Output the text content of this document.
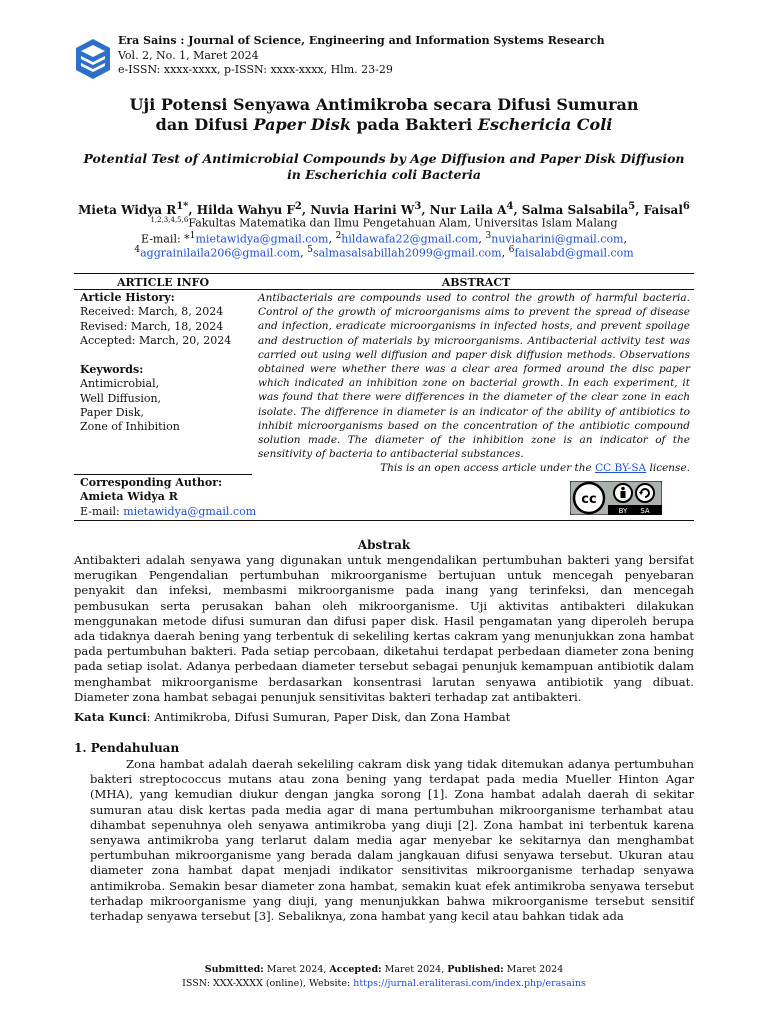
Era Sains : Journal of Science, Engineering and Information Systems Research
Vol. 2, No. 1, Maret 2024
e-ISSN: xxxx-xxxx, p-ISSN: xxxx-xxxx, Hlm. 23-29
Uji Potensi Senyawa Antimikroba secara Difusi Sumuran
dan Difusi Paper Disk pada Bakteri Eschericia Coli
Potential Test of Antimicrobial Compounds by Age Diffusion and Paper Disk Diffusion
in Escherichia coli Bacteria
Mieta Widya $R^{1*}$, Hilda Wahyu $F^2$, Nuvia Harini $W^3$, Nur Laila $A^4$, Salma Salsabila$^5$, Faisal$^6$
$^{1,2,3,4,5,6}$Fakultas Matematika dan Ilmu Pengetahuan Alam, Universitas Islam Malang
E-mail: *$^1$mietawidya@gmail.com, $^2$hildawafa22@gmail.com, $^3$nuviaharini@gmail.com,
$^4$aggrainilaila206@gmail.com, $^5$salmasalsabillah2099@gmail.com, $^6$faisalabd@gmail.com
ARTICLE INFO	ABSTRACT
Article History:
Received: March, 8, 2024
Revised: March, 18, 2024
Accepted: March, 20, 2024
Keywords:
Antimicrobial,
Well Diffusion,
Paper Disk,
Zone of Inhibition
Corresponding Author:
Amieta Widya R
E-mail: mietawidya@gmail.com
Antibacterials are compounds used to control the growth of harmful bacteria. Control of the growth of microorganisms aims to prevent the spread of disease and infection, eradicate microorganisms in infected hosts, and prevent spoilage and destruction of materials by microorganisms. Antibacterial activity test was carried out using well diffusion and paper disk diffusion methods. Observations obtained were whether there was a clear area formed around the disc paper which indicated an inhibition zone on bacterial growth. In each experiment, it was found that there were differences in the diameter of the clear zone in each isolate. The difference in diameter is an indicator of the ability of antibiotics to inhibit microorganisms based on the concentration of the antibiotic compound solution made. The diameter of the inhibition zone is an indicator of the sensitivity of bacteria to antibacterial substances.
This is an open access article under the CC BY-SA license.
cc
BY SA
Abstrak
Antibakteri adalah senyawa yang digunakan untuk mengendalikan pertumbuhan bakteri yang bersifat merugikan Pengendalian pertumbuhan mikroorganisme bertujuan untuk mencegah penyebaran penyakit dan infeksi, membasmi mikroorganisme pada inang yang terinfeksi, dan mencegah pembusukan serta perusakan bahan oleh mikroorganisme. Uji aktivitas antibakteri dilakukan menggunakan metode difusi sumuran dan difusi paper disk. Hasil pengamatan yang diperoleh berupa ada tidaknya daerah bening yang terbentuk di sekeliling kertas cakram yang menunjukkan zona hambat pada pertumbuhan bakteri. Pada setiap percobaan, diketahui terdapat perbedaan diameter zona bening pada setiap isolat. Adanya perbedaan diameter tersebut sebagai penunjuk kemampuan antibiotik dalam menghambat mikroorganisme berdasarkan konsentrasi larutan senyawa antibiotik yang dibuat. Diameter zona hambat sebagai penunjuk sensitivitas bakteri terhadap zat antibakteri.
Kata Kunci: Antimikroba, Difusi Sumuran, Paper Disk, dan Zona Hambat
1. Pendahuluan
Zona hambat adalah daerah sekeliling cakram disk yang tidak ditemukan adanya pertumbuhan bakteri streptococcus mutans atau zona bening yang terdapat pada media Mueller Hinton Agar (MHA), yang kemudian diukur dengan jangka sorong [1]. Zona hambat adalah daerah di sekitar sumuran atau disk kertas pada media agar di mana pertumbuhan mikroorganisme terhambat atau dihambat sepenuhnya oleh senyawa antimikroba yang diuji [2]. Zona hambat ini terbentuk karena senyawa antimikroba yang terlarut dalam media agar menyebar ke sekitarnya dan menghambat pertumbuhan mikroorganisme yang berada dalam jangkauan difusi senyawa tersebut. Ukuran atau diameter zona hambat dapat menjadi indikator sensitivitas mikroorganisme terhadap senyawa antimikroba. Semakin besar diameter zona hambat, semakin kuat efek antimikroba senyawa tersebut terhadap mikroorganisme yang diuji, yang menunjukkan bahwa mikroorganisme tersebut sensitif terhadap senyawa tersebut [3]. Sebaliknya, zona hambat yang kecil atau bahkan tidak ada
Submitted: Maret 2024, Accepted: Maret 2024, Published: Maret 2024
ISSN: XXX-XXXX (online), Website: https://jurnal.eraliterasi.com/index.php/erasains
